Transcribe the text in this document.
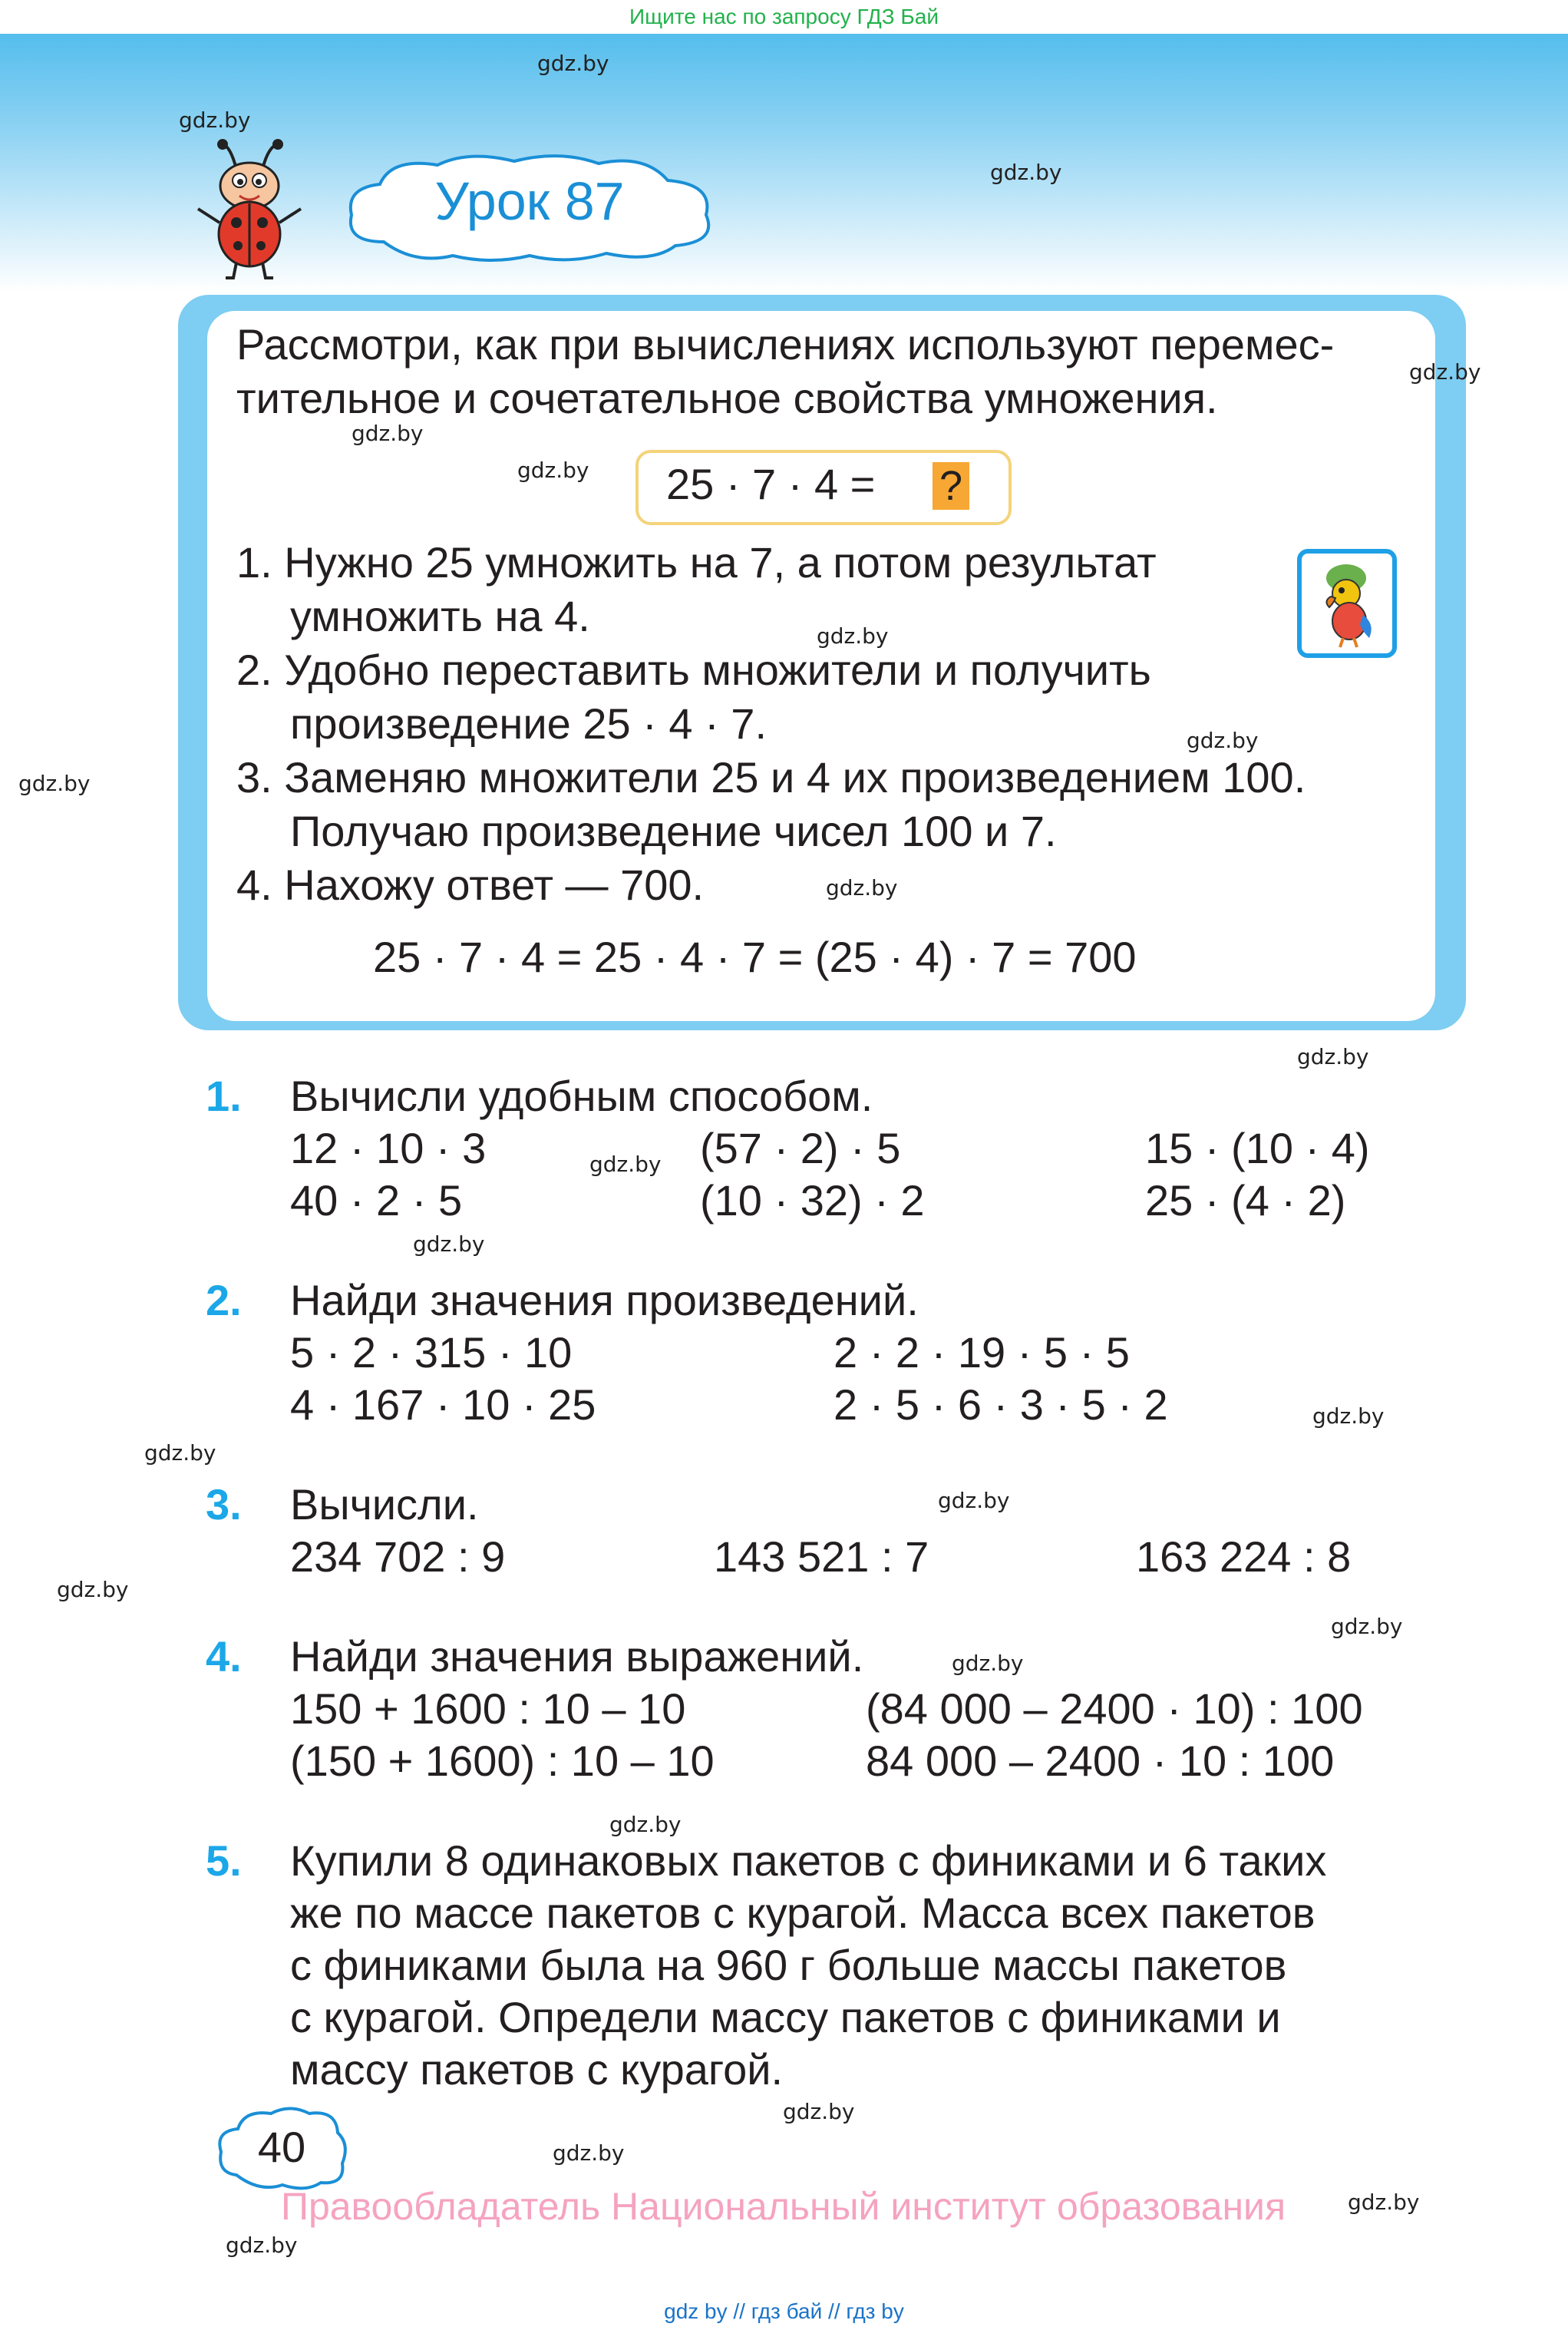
Ищите нас по запросу ГДЗ Бай
Урок 87
Рассмотри, как при вычислениях используют перемес-
тительное и сочетательное свойства умножения.
25 · 7 · 4 = ?
1. Нужно 25 умножить на 7, а потом результат
умножить на 4.
2. Удобно переставить множители и получить
произведение 25 · 4 · 7.
3. Заменяю множители 25 и 4 их произведением 100.
Получаю произведение чисел 100 и 7.
4. Нахожу ответ — 700.
25 · 7 · 4 = 25 · 4 · 7 = (25 · 4) · 7 = 700
1. Вычисли удобным способом.
12 · 10 · 3	(57 · 2) · 5	15 · (10 · 4)
40 · 2 · 5	(10 · 32) · 2	25 · (4 · 2)
2. Найди значения произведений.
5 · 2 · 315 · 10	2 · 2 · 19 · 5 · 5
4 · 167 · 10 · 25	2 · 5 · 6 · 3 · 5 · 2
3. Вычисли.
234 702 : 9	143 521 : 7	163 224 : 8
4. Найди значения выражений.
150 + 1600 : 10 – 10	(84 000 – 2400 · 10) : 100
(150 + 1600) : 10 – 10	84 000 – 2400 · 10 : 100
5. Купили 8 одинаковых пакетов с финиками и 6 таких
же по массе пакетов с курагой. Масса всех пакетов
с финиками была на 960 г больше массы пакетов
с курагой. Определи массу пакетов с финиками и
массу пакетов с курагой.
40
Правообладатель Национальный институт образования
gdz by // гдз бай // гдз by
gdz.by
gdz.by
gdz.by
gdz.by
gdz.by
gdz.by
gdz.by
gdz.by
gdz.by
gdz.by
gdz.by
gdz.by
gdz.by
gdz.by
gdz.by
gdz.by
gdz.by
gdz.by
gdz.by
gdz.by
gdz.by
gdz.by
gdz.by
gdz.by
